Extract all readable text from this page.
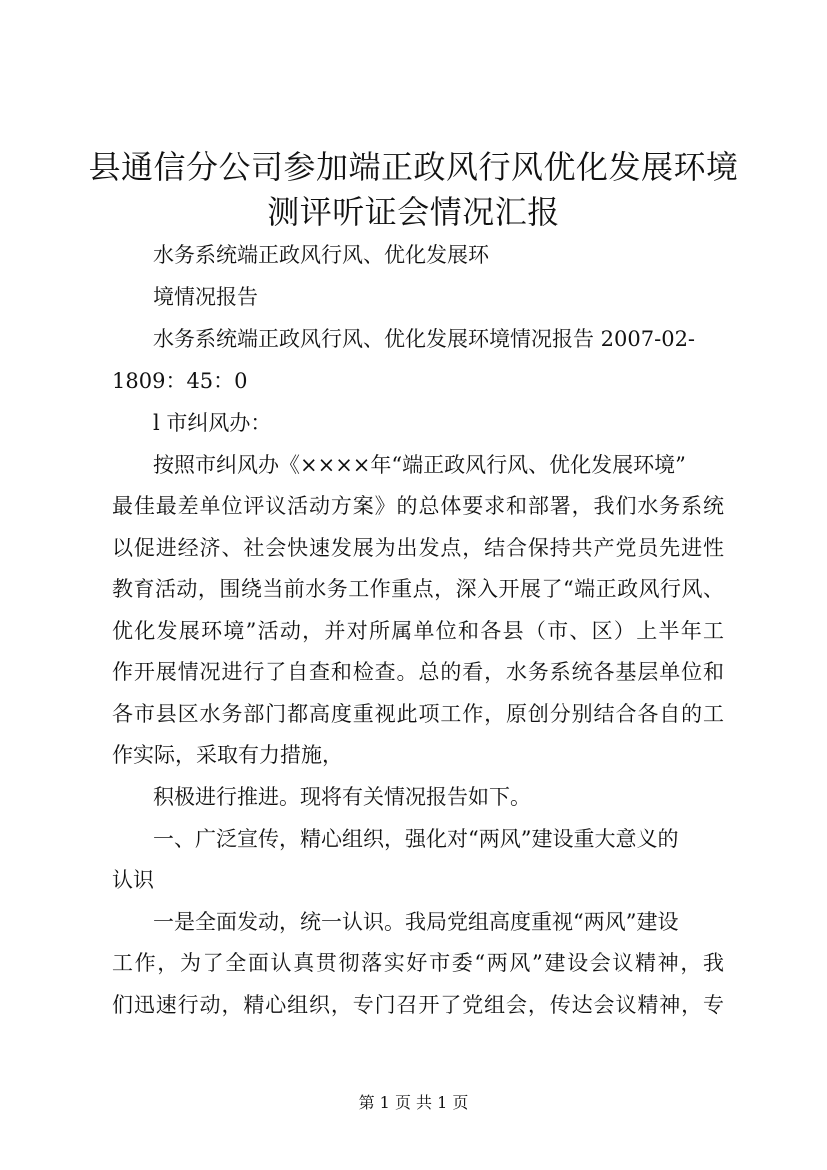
县通信分公司参加端正政风行风优化发展环境
测评听证会情况汇报

水务系统端正政风行风、优化发展环

境情况报告

水务系统端正政风行风、优化发展环境情况报告 2007-02-

1809：45：0

l 市纠风办：

按照市纠风办《××××年“端正政风行风、优化发展环境”

最佳最差单位评议活动方案》的总体要求和部署，我们水务系统

以促进经济、社会快速发展为出发点，结合保持共产党员先进性

教育活动，围绕当前水务工作重点，深入开展了“端正政风行风、

优化发展环境”活动，并对所属单位和各县（市、区）上半年工

作开展情况进行了自查和检查。总的看，水务系统各基层单位和

各市县区水务部门都高度重视此项工作，原创分别结合各自的工

作实际，采取有力措施，

积极进行推进。现将有关情况报告如下。

一、广泛宣传，精心组织，强化对“两风”建设重大意义的

认识

一是全面发动，统一认识。我局党组高度重视“两风”建设

工作，为了全面认真贯彻落实好市委“两风”建设会议精神，我

们迅速行动，精心组织，专门召开了党组会，传达会议精神，专

第 1 页 共 1 页
